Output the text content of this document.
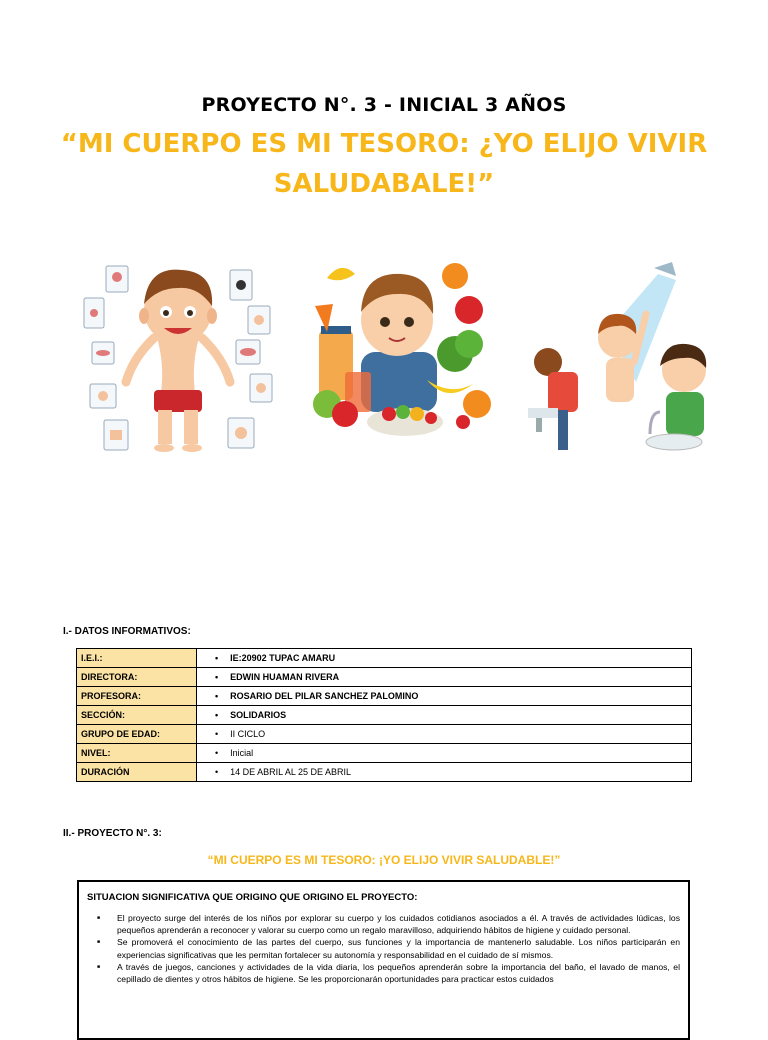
PROYECTO N°. 3 - INICIAL 3 AÑOS
“MI CUERPO ES MI TESORO: ¿YO ELIJO VIVIR
SALUDABALE!”
I.- DATOS INFORMATIVOS:
I.E.I.:	• IE:20902 TUPAC AMARU
DIRECTORA:	• EDWIN HUAMAN RIVERA
PROFESORA:	• ROSARIO DEL PILAR SANCHEZ PALOMINO
SECCIÓN:	• SOLIDARIOS
GRUPO DE EDAD:	• II CICLO
NIVEL:	• Inicial
DURACIÓN	• 14 DE ABRIL AL 25 DE ABRIL
II.- PROYECTO N°. 3:
“MI CUERPO ES MI TESORO: ¡YO ELIJO VIVIR SALUDABLE!”
SITUACION SIGNIFICATIVA QUE ORIGINO QUE ORIGINO EL PROYECTO:
■ El proyecto surge del interés de los niños por explorar su cuerpo y los cuidados cotidianos asociados a él. A través de actividades lúdicas, los pequeños aprenderán a reconocer y valorar su cuerpo como un regalo maravilloso, adquiriendo hábitos de higiene y cuidado personal.
■ Se promoverá el conocimiento de las partes del cuerpo, sus funciones y la importancia de mantenerlo saludable. Los niños participarán en experiencias significativas que les permitan fortalecer su autonomía y responsabilidad en el cuidado de sí mismos.
■ A través de juegos, canciones y actividades de la vida diaria, los pequeños aprenderán sobre la importancia del baño, el lavado de manos, el cepillado de dientes y otros hábitos de higiene. Se les proporcionarán oportunidades para practicar estos cuidados
